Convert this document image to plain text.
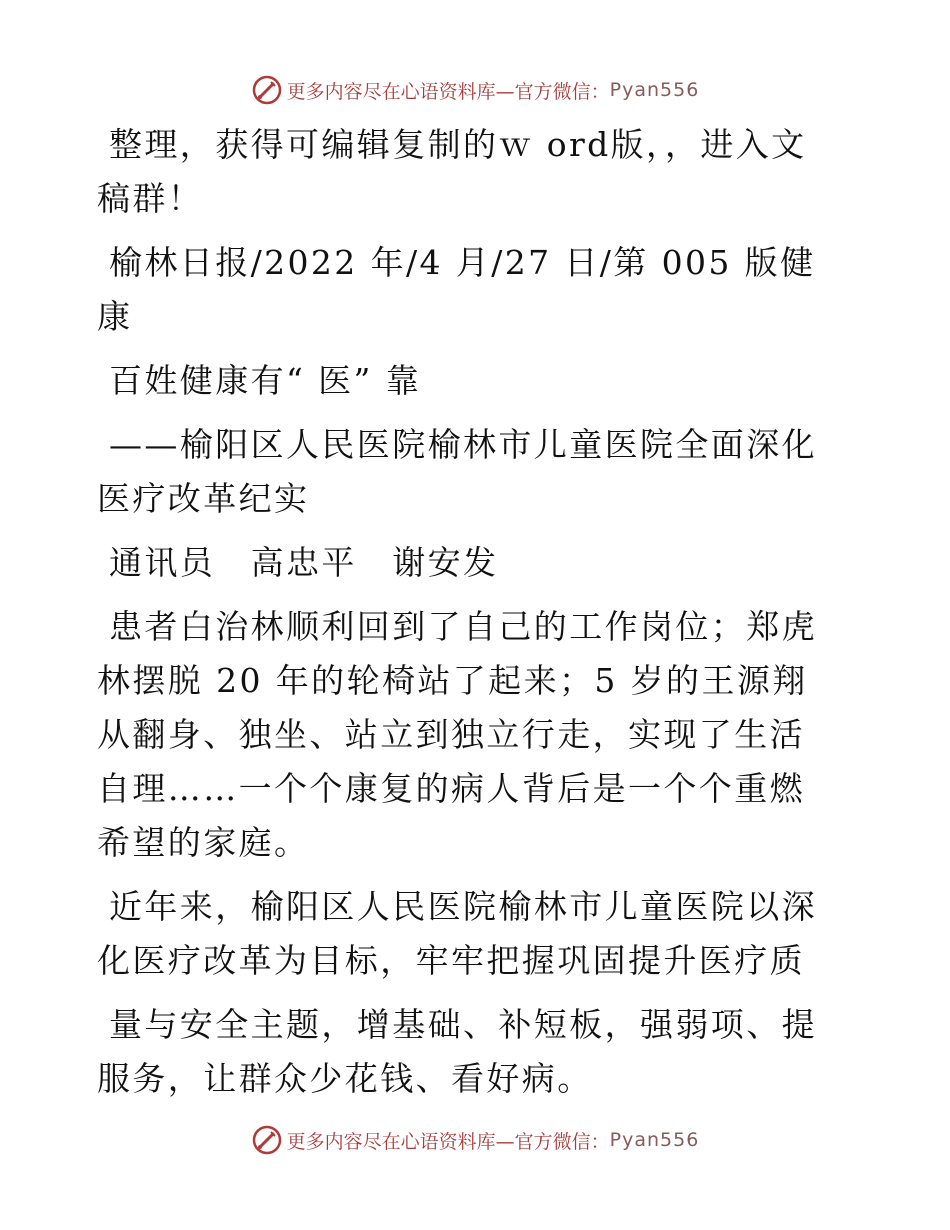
更多内容尽在心语资料库—官方微信： Pyan556

整理，获得可编辑复制的ｗ ord版，，进入文稿群！

榆林日报/2022 年/4 月/27 日/第 005 版健康

百姓健康有“ 医” 靠

——榆阳区人民医院榆林市儿童医院全面深化医疗改革纪实

通讯员　高忠平　谢安发

患者白治林顺利回到了自己的工作岗位；郑虎林摆脱 20 年的轮椅站了起来；5 岁的王源翔从翻身、独坐、站立到独立行走，实现了生活自理……一个个康复的病人背后是一个个重燃希望的家庭。

近年来，榆阳区人民医院榆林市儿童医院以深化医疗改革为目标，牢牢把握巩固提升医疗质

量与安全主题，增基础、补短板，强弱项、提服务，让群众少花钱、看好病。

更多内容尽在心语资料库—官方微信： Pyan556
